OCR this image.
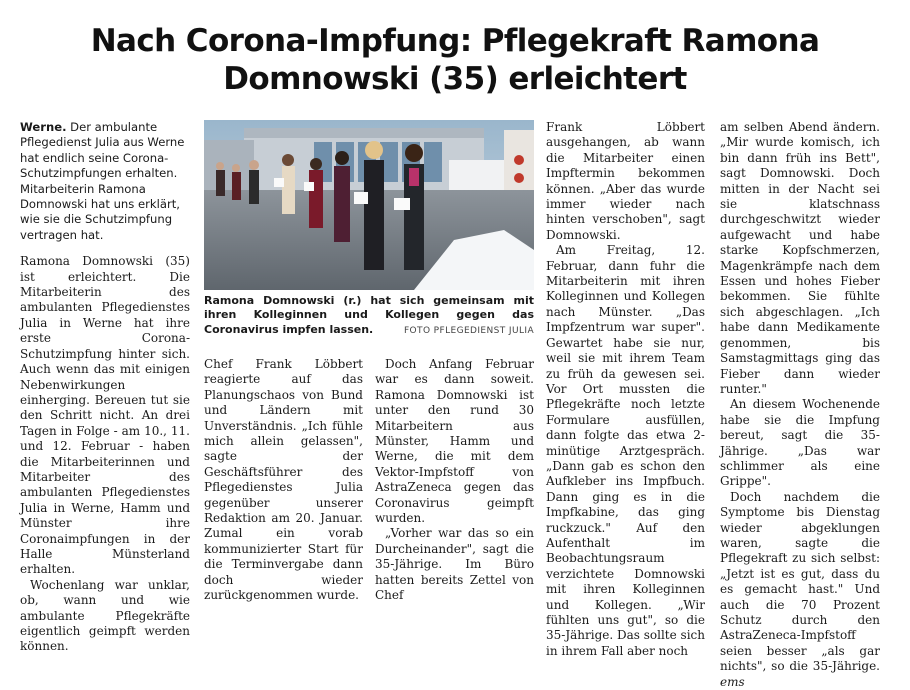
Nach Corona-Impfung: Pflegekraft Ramona
Domnowski (35) erleichtert

Werne. Der ambulante Pflegedienst Julia aus Werne hat endlich seine Corona-Schutzimpfungen erhalten. Mitarbeiterin Ramona Domnowski hat uns erklärt, wie sie die Schutzimpfung vertragen hat.

Ramona Domnowski (35) ist erleichtert. Die Mitarbeiterin des ambulanten Pflegedienstes Julia in Werne hat ihre erste Corona-Schutzimpfung hinter sich. Auch wenn das mit einigen Nebenwirkungen einherging. Bereuen tut sie den Schritt nicht. An drei Tagen in Folge - am 10., 11. und 12. Februar - haben die Mitarbeiterinnen und Mitarbeiter des ambulanten Pflegedienstes Julia in Werne, Hamm und Münster ihre Coronaimpfungen in der Halle Münsterland erhalten.

Wochenlang war unklar, ob, wann und wie ambulante Pflegekräfte eigentlich geimpft werden können.

Ramona Domnowski (r.) hat sich gemeinsam mit ihren Kolleginnen und Kollegen gegen das Coronavirus impfen lassen.	FOTO PFLEGEDIENST JULIA

Chef Frank Löbbert reagierte auf das Planungschaos von Bund und Ländern mit Unverständnis. „Ich fühle mich allein gelassen", sagte der Geschäftsführer des Pflegedienstes Julia gegenüber unserer Redaktion am 20. Januar. Zumal ein vorab kommunizierter Start für die Terminvergabe dann doch wieder zurückgenommen wurde.

Doch Anfang Februar war es dann soweit. Ramona Domnowski ist unter den rund 30 Mitarbeitern aus Münster, Hamm und Werne, die mit dem Vektor-Impfstoff von AstraZeneca gegen das Coronavirus geimpft wurden.

„Vorher war das so ein Durcheinander", sagt die 35-Jährige. Im Büro hatten bereits Zettel von Chef

Frank Löbbert ausgehangen, ab wann die Mitarbeiter einen Impftermin bekommen können. „Aber das wurde immer wieder nach hinten verschoben", sagt Domnowski.

Am Freitag, 12. Februar, dann fuhr die Mitarbeiterin mit ihren Kolleginnen und Kollegen nach Münster. „Das Impfzentrum war super". Gewartet habe sie nur, weil sie mit ihrem Team zu früh da gewesen sei. Vor Ort mussten die Pflegekräfte noch letzte Formulare ausfüllen, dann folgte das etwa 2-minütige Arztgespräch. „Dann gab es schon den Aufkleber ins Impfbuch. Dann ging es in die Impfkabine, das ging ruckzuck." Auf den Aufenthalt im Beobachtungsraum verzichtete Domnowski mit ihren Kolleginnen und Kollegen. „Wir fühlten uns gut", so die 35-Jährige. Das sollte sich in ihrem Fall aber noch

am selben Abend ändern. „Mir wurde komisch, ich bin dann früh ins Bett", sagt Domnowski. Doch mitten in der Nacht sei sie klatschnass durchgeschwitzt wieder aufgewacht und habe starke Kopfschmerzen, Magenkrämpfe nach dem Essen und hohes Fieber bekommen. Sie fühlte sich abgeschlagen. „Ich habe dann Medikamente genommen, bis Samstagmittags ging das Fieber dann wieder runter."

An diesem Wochenende habe sie die Impfung bereut, sagt die 35-Jährige. „Das war schlimmer als eine Grippe".

Doch nachdem die Symptome bis Dienstag wieder abgeklungen waren, sagte die Pflegekraft zu sich selbst: „Jetzt ist es gut, dass du es gemacht hast." Und auch die 70 Prozent Schutz durch den AstraZeneca-Impfstoff seien besser „als gar nichts", so die 35-Jährige. ems
